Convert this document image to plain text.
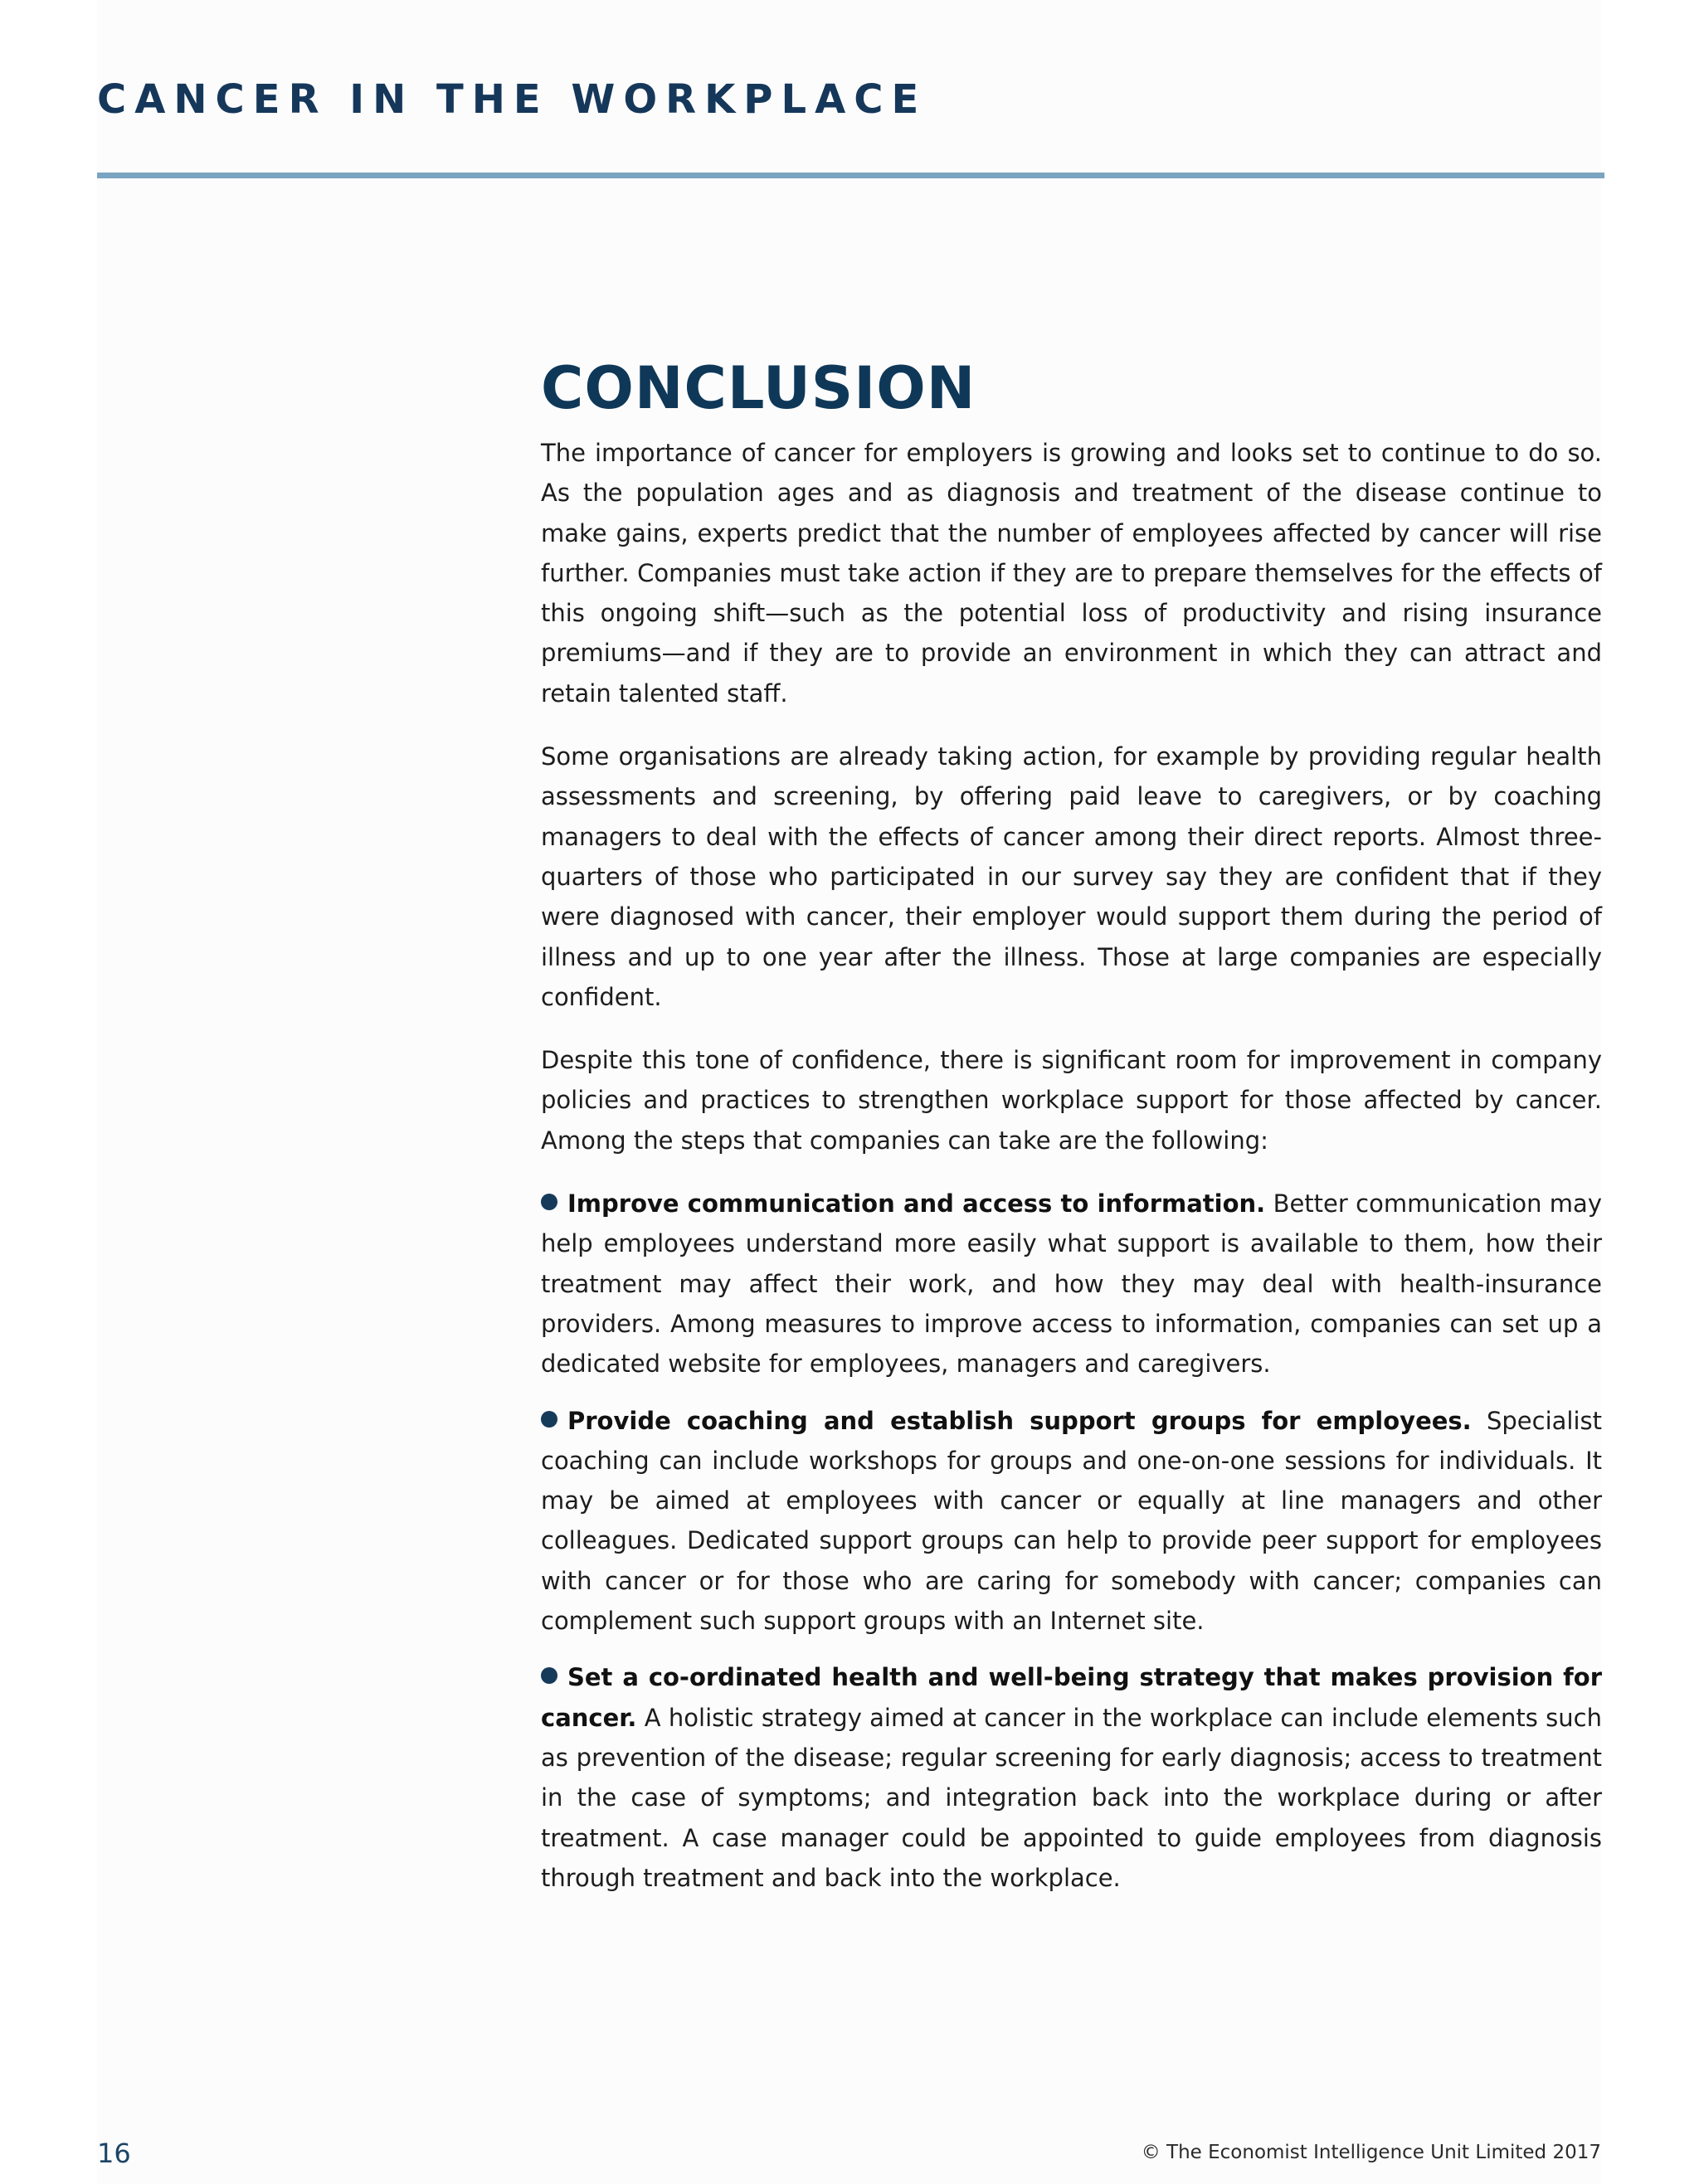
CANCER IN THE WORKPLACE
CONCLUSION

The importance of cancer for employers is growing and looks set to continue to do so. As the population ages and as diagnosis and treatment of the disease continue to make gains, experts predict that the number of employees affected by cancer will rise further. Companies must take action if they are to prepare themselves for the effects of this ongoing shift—such as the potential loss of productivity and rising insurance premiums—and if they are to provide an environment in which they can attract and retain talented staff.

Some organisations are already taking action, for example by providing regular health assessments and screening, by offering paid leave to caregivers, or by coaching managers to deal with the effects of cancer among their direct reports. Almost three-quarters of those who participated in our survey say they are confident that if they were diagnosed with cancer, their employer would support them during the period of illness and up to one year after the illness. Those at large companies are especially confident.

Despite this tone of confidence, there is significant room for improvement in company policies and practices to strengthen workplace support for those affected by cancer. Among the steps that companies can take are the following:

Improve communication and access to information. Better communication may help employees understand more easily what support is available to them, how their treatment may affect their work, and how they may deal with health-insurance providers. Among measures to improve access to information, companies can set up a dedicated website for employees, managers and caregivers.

Provide coaching and establish support groups for employees. Specialist coaching can include workshops for groups and one-on-one sessions for individuals. It may be aimed at employees with cancer or equally at line managers and other colleagues. Dedicated support groups can help to provide peer support for employees with cancer or for those who are caring for somebody with cancer; companies can complement such support groups with an Internet site.

Set a co-ordinated health and well-being strategy that makes provision for cancer. A holistic strategy aimed at cancer in the workplace can include elements such as prevention of the disease; regular screening for early diagnosis; access to treatment in the case of symptoms; and integration back into the workplace during or after treatment. A case manager could be appointed to guide employees from diagnosis through treatment and back into the workplace.

16	© The Economist Intelligence Unit Limited 2017
